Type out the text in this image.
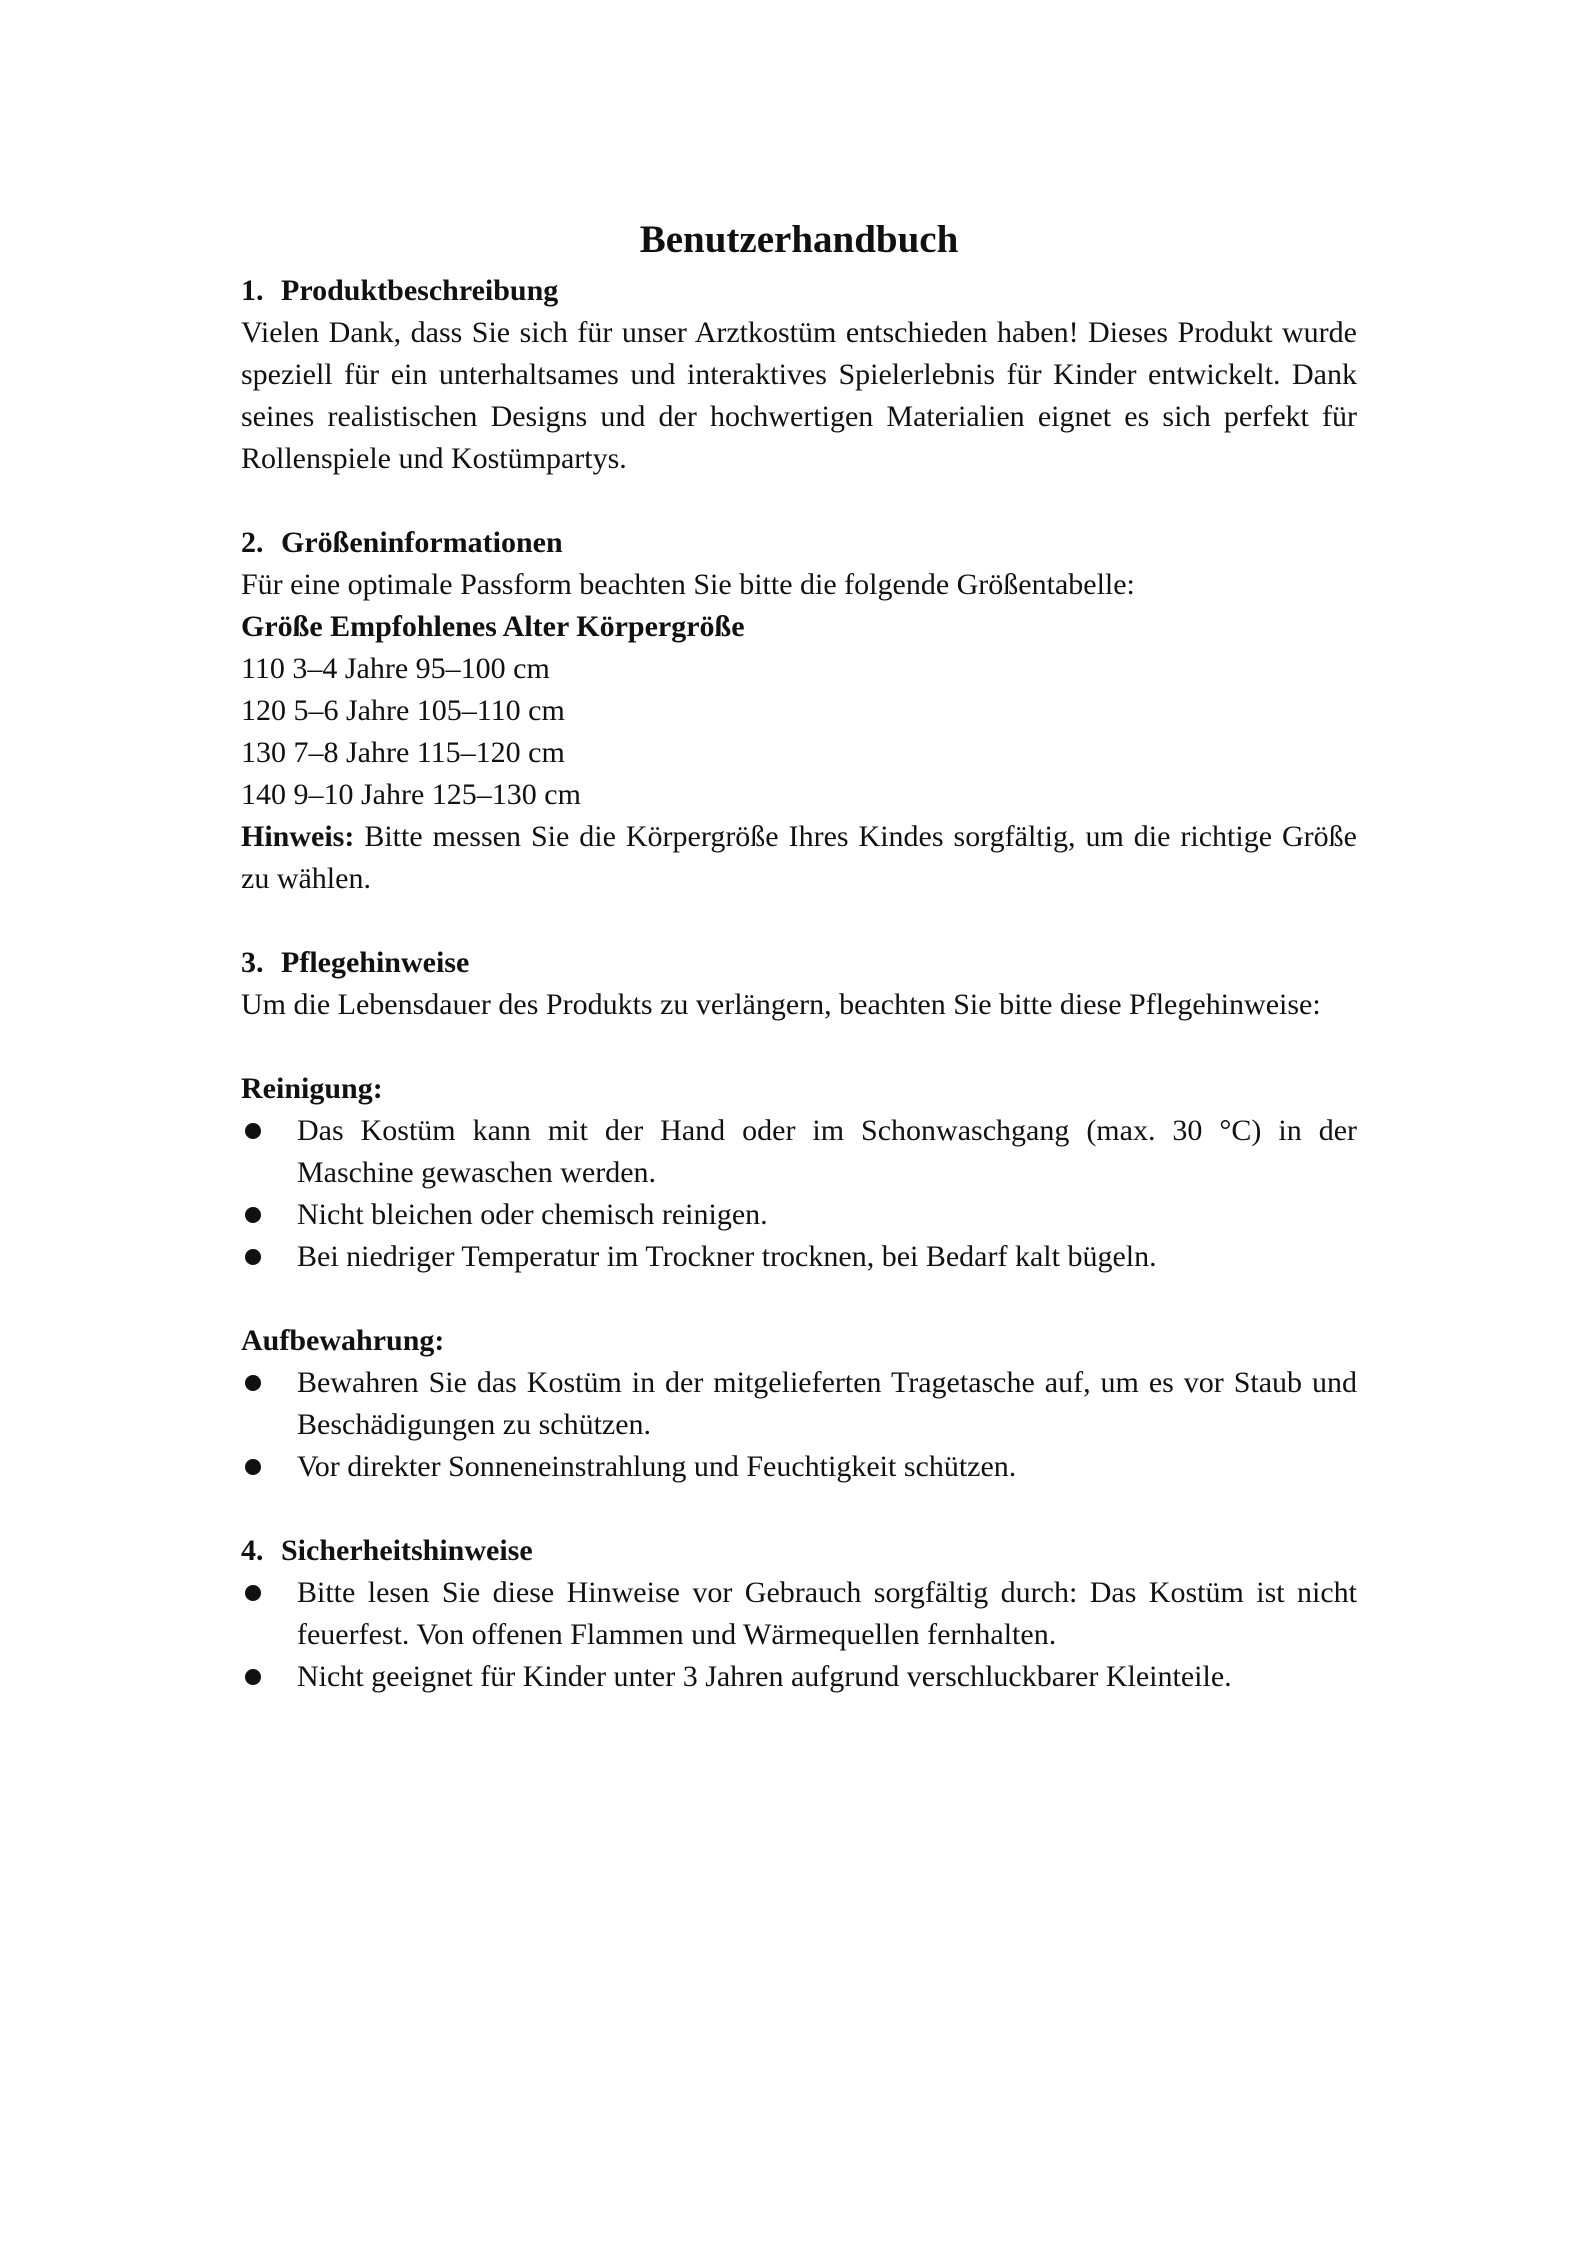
Benutzerhandbuch
1. Produktbeschreibung

Vielen Dank, dass Sie sich für unser Arztkostüm entschieden haben! Dieses Produkt wurde speziell für ein unterhaltsames und interaktives Spielerlebnis für Kinder entwickelt. Dank seines realistischen Designs und der hochwertigen Materialien eignet es sich perfekt für Rollenspiele und Kostümpartys.

2. Größeninformationen

Für eine optimale Passform beachten Sie bitte die folgende Größentabelle:

Größe Empfohlenes Alter Körpergröße

110 3–4 Jahre 95–100 cm

120 5–6 Jahre 105–110 cm

130 7–8 Jahre 115–120 cm

140 9–10 Jahre 125–130 cm

Hinweis: Bitte messen Sie die Körpergröße Ihres Kindes sorgfältig, um die richtige Größe zu wählen.

3. Pflegehinweise

Um die Lebensdauer des Produkts zu verlängern, beachten Sie bitte diese Pflegehinweise:

Reinigung:
Das Kostüm kann mit der Hand oder im Schonwaschgang (max. 30 °C) in der Maschine gewaschen werden.
Nicht bleichen oder chemisch reinigen.
Bei niedriger Temperatur im Trockner trocknen, bei Bedarf kalt bügeln.
Aufbewahrung:
Bewahren Sie das Kostüm in der mitgelieferten Tragetasche auf, um es vor Staub und Beschädigungen zu schützen.
Vor direkter Sonneneinstrahlung und Feuchtigkeit schützen.
4. Sicherheitshinweise
Bitte lesen Sie diese Hinweise vor Gebrauch sorgfältig durch: Das Kostüm ist nicht feuerfest. Von offenen Flammen und Wärmequellen fernhalten.
Nicht geeignet für Kinder unter 3 Jahren aufgrund verschluckbarer Kleinteile.
